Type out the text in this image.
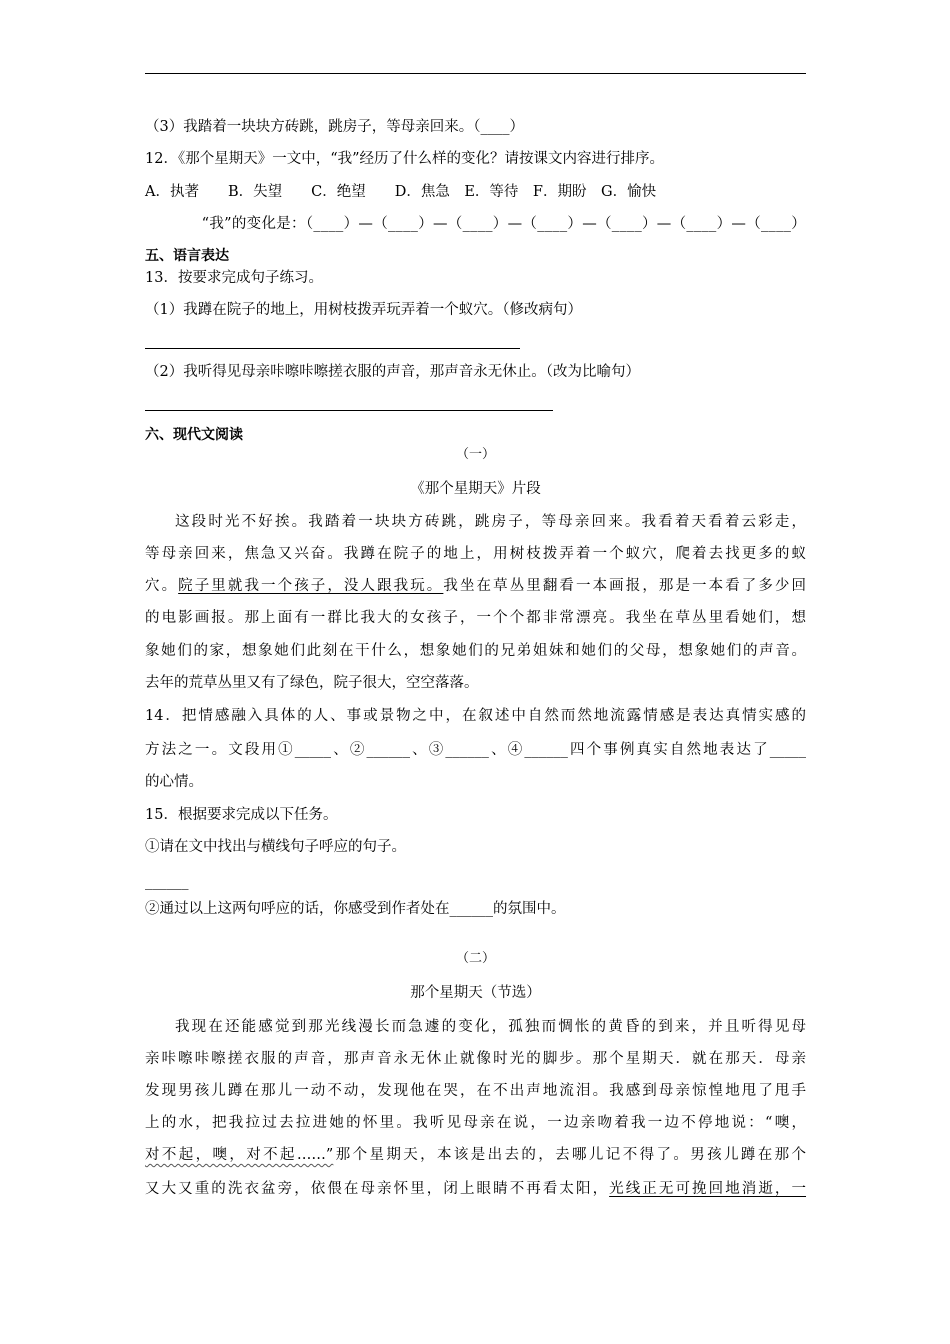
（3）我踏着一块块方砖跳，跳房子，等母亲回来。（____）
12．《那个星期天》一文中，“我”经历了什么样的变化？请按课文内容进行排序。
A．执著　　B．失望　　C．绝望　　D．焦急　E．等待　F．期盼　G．愉快
“我”的变化是：（____）—（____）—（____）—（____）—（____）—（____）—（____）
五、语言表达
13．按要求完成句子练习。
（1）我蹲在院子的地上，用树枝拨弄玩弄着一个蚁穴。（修改病句）
（2）我听得见母亲咔嚓咔嚓搓衣服的声音，那声音永无休止。（改为比喻句）
六、现代文阅读
（一）
《那个星期天》片段
这段时光不好挨。我踏着一块块方砖跳，跳房子，等母亲回来。我看着天看着云彩走，
等母亲回来，焦急又兴奋。我蹲在院子的地上，用树枝拨弄着一个蚁穴，爬着去找更多的蚁
穴。院子里就我一个孩子，没人跟我玩。我坐在草丛里翻看一本画报，那是一本看了多少回
的电影画报。那上面有一群比我大的女孩子，一个个都非常漂亮。我坐在草丛里看她们，想
象她们的家，想象她们此刻在干什么，想象她们的兄弟姐妹和她们的父母，想象她们的声音。
去年的荒草丛里又有了绿色，院子很大，空空落落。
14．把情感融入具体的人、事或景物之中，在叙述中自然而然地流露情感是表达真情实感的
方法之一。文段用①_____、②______、③______、④______四个事例真实自然地表达了_____
的心情。
15．根据要求完成以下任务。
①请在文中找出与横线句子呼应的句子。
______
②通过以上这两句呼应的话，你感受到作者处在______的氛围中。
（二）
那个星期天（节选）
我现在还能感觉到那光线漫长而急遽的变化，孤独而惆怅的黄昏的到来，并且听得见母
亲咔嚓咔嚓搓衣服的声音，那声音永无休止就像时光的脚步。那个星期天．就在那天．母亲
发现男孩儿蹲在那儿一动不动，发现他在哭，在不出声地流泪。我感到母亲惊惶地甩了甩手
上的水，把我拉过去拉进她的怀里。我听见母亲在说，一边亲吻着我一边不停地说：“噢，
对不起，噢，对不起……”那个星期天，本该是出去的，去哪儿记不得了。男孩儿蹲在那个
又大又重的洗衣盆旁，依偎在母亲怀里，闭上眼睛不再看太阳，光线正无可挽回地消逝，一
